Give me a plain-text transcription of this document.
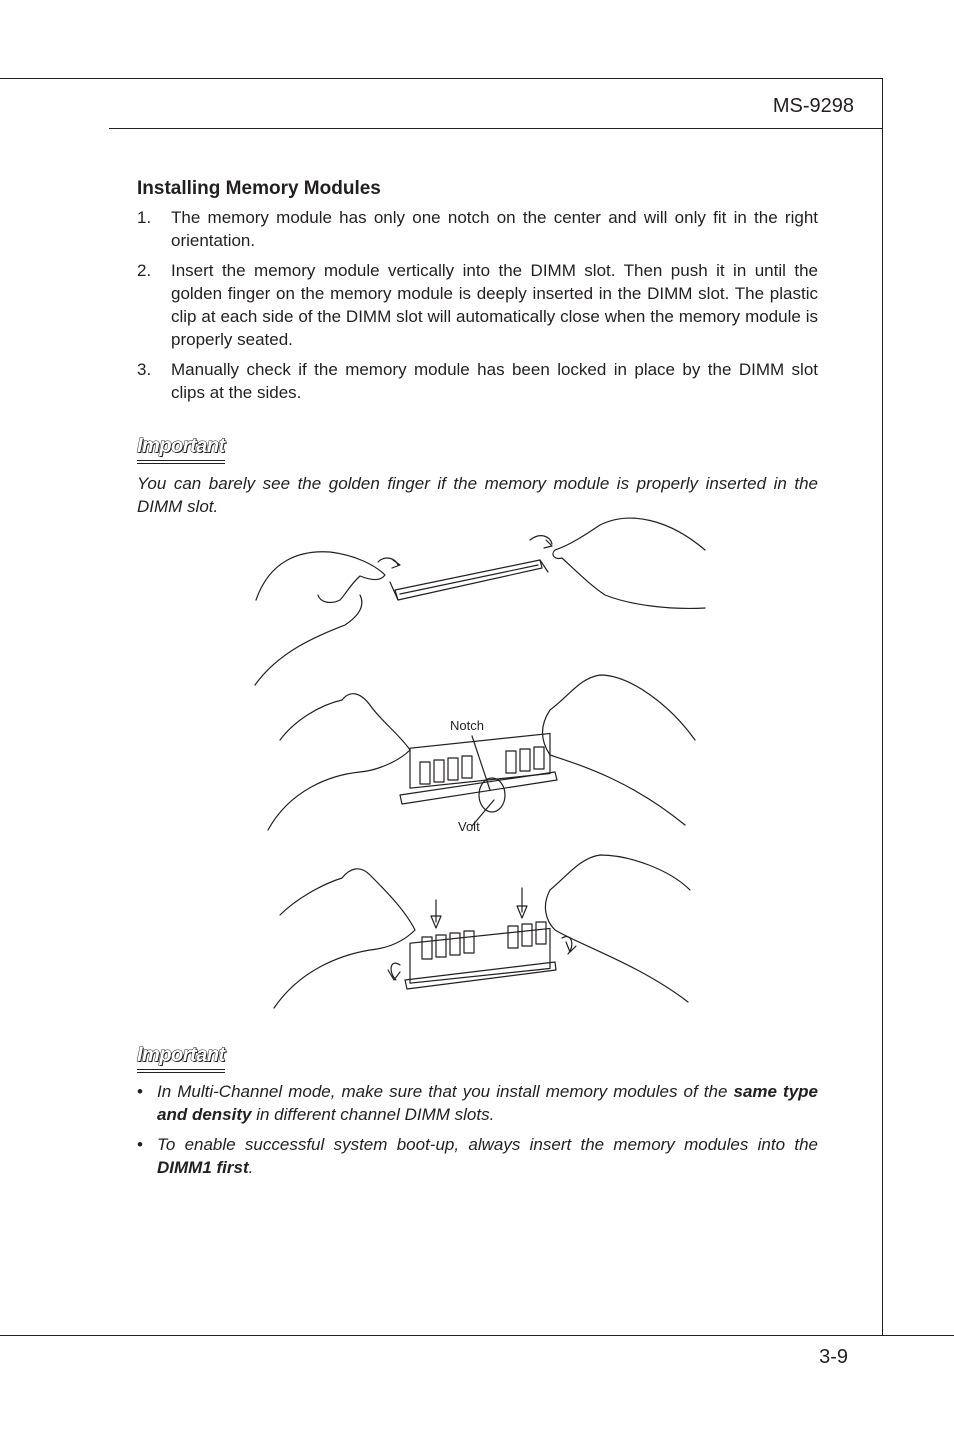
MS-9298
Installing Memory Modules
1. The memory module has only one notch on the center and will only fit in the right orientation.
2. Insert the memory module vertically into the DIMM slot. Then push it in until the golden finger on the memory module is deeply inserted in the DIMM slot. The plastic clip at each side of the DIMM slot will automatically close when the memory module is properly seated.
3. Manually check if the memory module has been locked in place by the DIMM slot clips at the sides.
Important
You can barely see the golden finger if the memory module is properly inserted in the DIMM slot.
Notch
Volt
Important
• In Multi-Channel mode, make sure that you install memory modules of the same type and density in different channel DIMM slots.
• To enable successful system boot-up, always insert the memory modules into the DIMM1 first.
3-9
